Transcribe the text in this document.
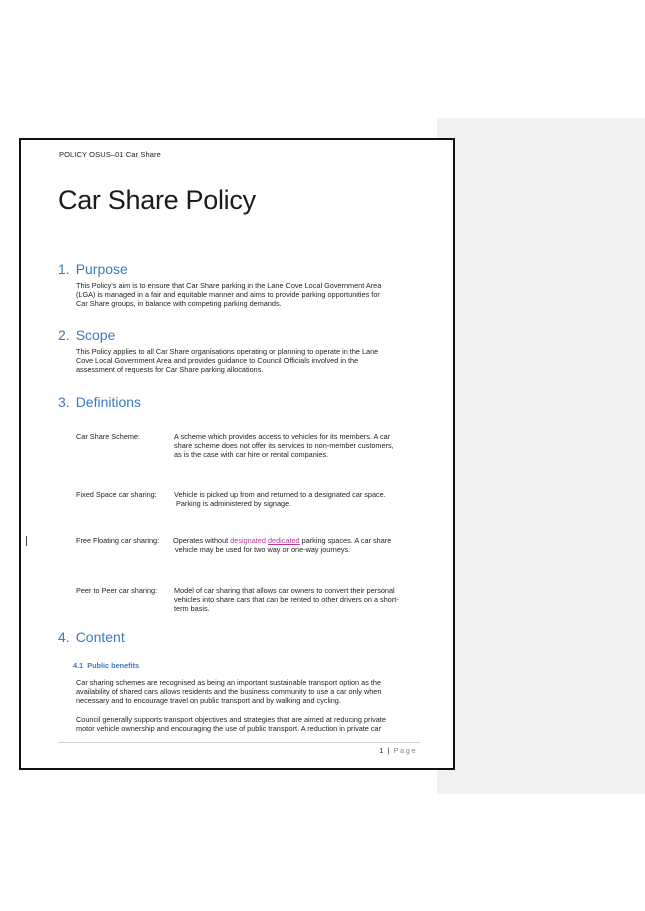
POLICY OSUS–01 Car Share
Car Share Policy
1. Purpose

This Policy’s aim is to ensure that Car Share parking in the Lane Cove Local Government Area
(LGA) is managed in a fair and equitable manner and aims to provide parking opportunities for
Car Share groups, in balance with competing parking demands.

2. Scope

This Policy applies to all Car Share organisations operating or planning to operate in the Lane
Cove Local Government Area and provides guidance to Council Officials involved in the
assessment of requests for Car Share parking allocations.

3. Definitions
Car Share Scheme:	A scheme which provides access to vehicles for its members. A car
share scheme does not offer its services to non-member customers,
as is the case with car hire or rental companies.
Fixed Space car sharing: Vehicle is picked up from and returned to a designated car space.
Parking is administered by signage.
Free Floating car sharing: Operates without designated dedicated parking spaces. A car share
vehicle may be used for two way or one-way journeys.
Peer to Peer car sharing: Model of car sharing that allows car owners to convert their personal
vehicles into share cars that can be rented to other drivers on a short-
term basis.
4. Content
4.1 Public benefits

Car sharing schemes are recognised as being an important sustainable transport option as the
availability of shared cars allows residents and the business community to use a car only when
necessary and to encourage travel on public transport and by walking and cycling.

Council generally supports transport objectives and strategies that are aimed at reducing private
motor vehicle ownership and encouraging the use of public transport. A reduction in private car

1 | Page
